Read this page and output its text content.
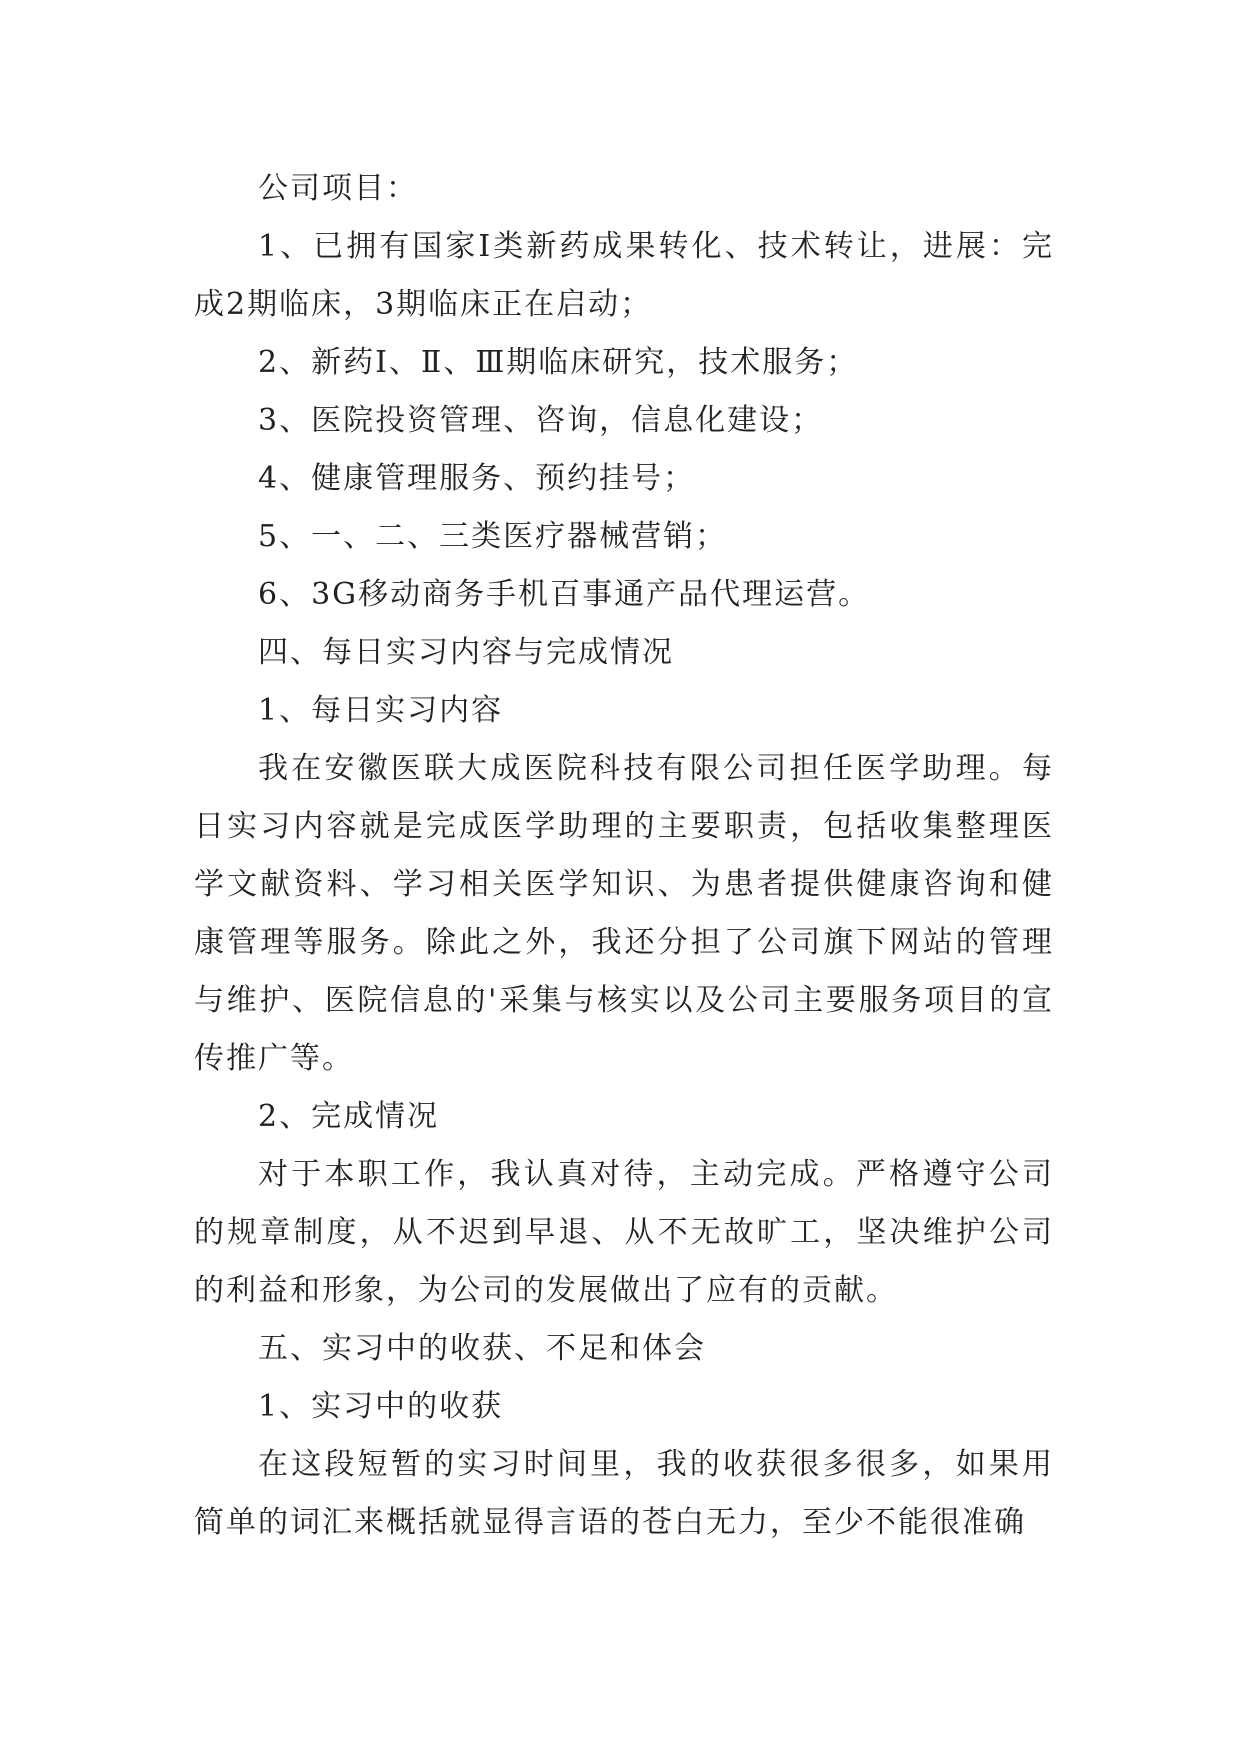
公司项目：

1、已拥有国家Ⅰ类新药成果转化、技术转让，进展：完成2期临床，3期临床正在启动；

2、新药Ⅰ、Ⅱ、Ⅲ期临床研究，技术服务；

3、医院投资管理、咨询，信息化建设；

4、健康管理服务、预约挂号；

5、一、二、三类医疗器械营销；

6、3G移动商务手机百事通产品代理运营。

四、每日实习内容与完成情况

1、每日实习内容

我在安徽医联大成医院科技有限公司担任医学助理。每日实习内容就是完成医学助理的主要职责，包括收集整理医学文献资料、学习相关医学知识、为患者提供健康咨询和健康管理等服务。除此之外，我还分担了公司旗下网站的管理与维护、医院信息的'采集与核实以及公司主要服务项目的宣传推广等。

2、完成情况

对于本职工作，我认真对待，主动完成。严格遵守公司的规章制度，从不迟到早退、从不无故旷工，坚决维护公司的利益和形象，为公司的发展做出了应有的贡献。

五、实习中的收获、不足和体会

1、实习中的收获

在这段短暂的实习时间里，我的收获很多很多，如果用简单的词汇来概括就显得言语的苍白无力，至少不能很准确
